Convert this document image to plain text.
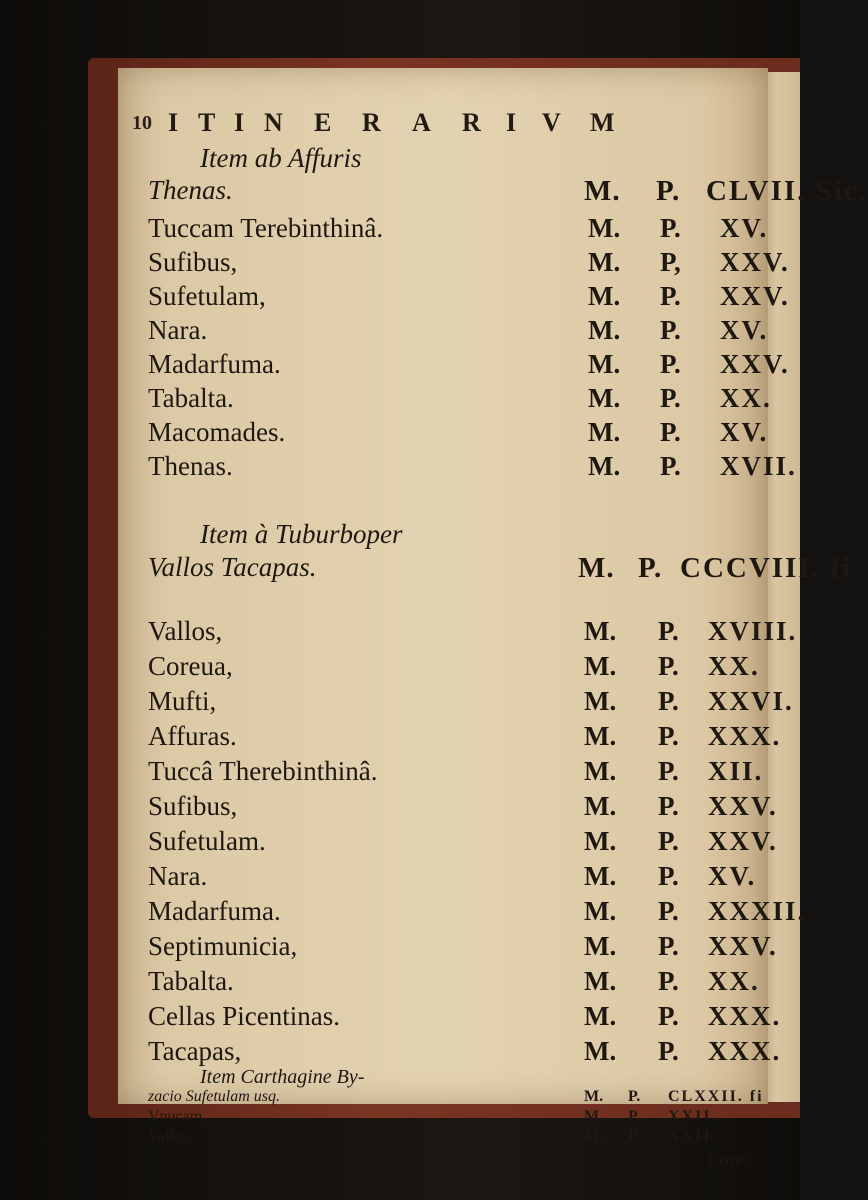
10 I T I N E R A R I V M
Item ab Affuris
Thenas.	M. P. CLVII. Sic.
Tuccam Terebinthinâ.	M. P. XV.
Sufibus,	M. P, XXV.
Sufetulam,	M. P. XXV.
Nara.	M. P. XV.
Madarfuma.	M. P. XXV.
Tabalta.	M. P. XX.
Macomades.	M. P. XV.
Thenas.	M. P. XVII.
Item à Tuburboper
Vallos Tacapas.	M. P. CCCVIII. fi
Vallos,	M. P. XVIII.
Coreua,	M. P. XX.
Mufti,	M. P. XXVI.
Affuras.	M. P. XXX.
Tuccâ Therebinthinâ.	M. P. XII.
Sufibus,	M. P. XXV.
Sufetulam.	M. P. XXV.
Nara.	M. P. XV.
Madarfuma.	M. P. XXXII.
Septimunicia,	M. P. XXV.
Tabalta.	M. P. XX.
Cellas Picentinas.	M. P. XXX.
Tacapas,	M. P. XXX.
Item Carthagine By-
zacio Sufetulam usq.	M. P. CLXXII. fi
Vnucam,	M. P. XXII.
Vallos.	M. P. XXII.
Core:
